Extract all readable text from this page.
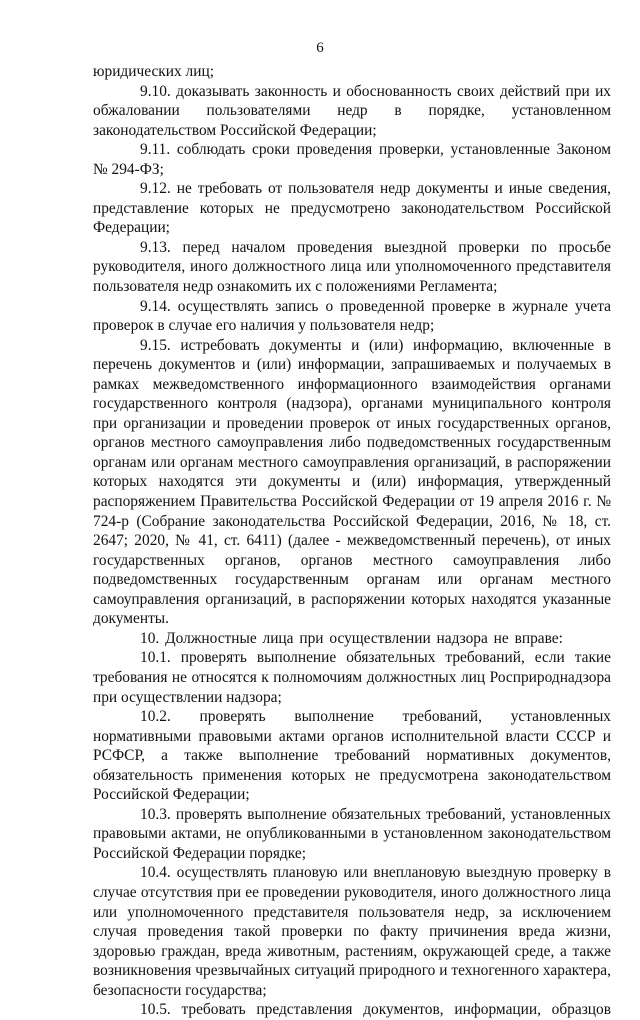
6

юридических лиц;

9.10. доказывать законность и обоснованность своих действий при их обжаловании пользователями недр в порядке, установленном законодательством Российской Федерации;

9.11. соблюдать сроки проведения проверки, установленные Законом № 294-ФЗ;

9.12. не требовать от пользователя недр документы и иные сведения, представление которых не предусмотрено законодательством Российской Федерации;

9.13. перед началом проведения выездной проверки по просьбе руководителя, иного должностного лица или уполномоченного представителя пользователя недр ознакомить их с положениями Регламента;

9.14. осуществлять запись о проведенной проверке в журнале учета проверок в случае его наличия у пользователя недр;

9.15. истребовать документы и (или) информацию, включенные в перечень документов и (или) информации, запрашиваемых и получаемых в рамках межведомственного информационного взаимодействия органами государственного контроля (надзора), органами муниципального контроля при организации и проведении проверок от иных государственных органов, органов местного самоуправления либо подведомственных государственным органам или органам местного самоуправления организаций, в распоряжении которых находятся эти документы и (или) информация, утвержденный распоряжением Правительства Российской Федерации от 19 апреля 2016 г. № 724-р (Собрание законодательства Российской Федерации, 2016, № 18, ст. 2647; 2020, № 41, ст. 6411) (далее - межведомственный перечень), от иных государственных органов, органов местного самоуправления либо подведомственных государственным органам или органам местного самоуправления организаций, в распоряжении которых находятся указанные документы.

10. Должностные лица при осуществлении надзора не вправе:

10.1. проверять выполнение обязательных требований, если такие требования не относятся к полномочиям должностных лиц Росприроднадзора при осуществлении надзора;

10.2. проверять выполнение требований, установленных нормативными правовыми актами органов исполнительной власти СССР и РСФСР, а также выполнение требований нормативных документов, обязательность применения которых не предусмотрена законодательством Российской Федерации;

10.3. проверять выполнение обязательных требований, установленных правовыми актами, не опубликованными в установленном законодательством Российской Федерации порядке;

10.4. осуществлять плановую или внеплановую выездную проверку в случае отсутствия при ее проведении руководителя, иного должностного лица или уполномоченного представителя пользователя недр, за исключением случая проведения такой проверки по факту причинения вреда жизни, здоровью граждан, вреда животным, растениям, окружающей среде, а также возникновения чрезвычайных ситуаций природного и техногенного характера, безопасности государства;

10.5. требовать представления документов, информации, образцов
